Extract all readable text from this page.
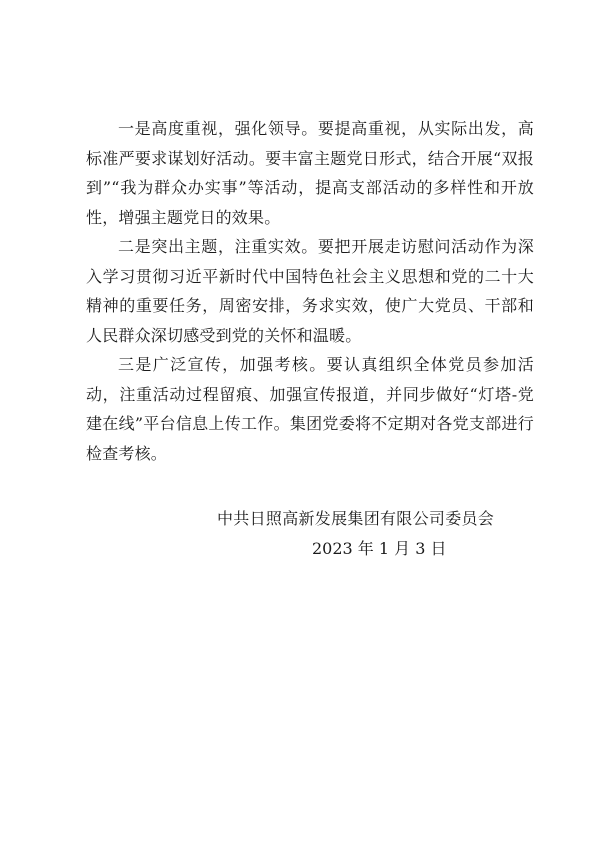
一是高度重视，强化领导。要提高重视，从实际出发，高标准严要求谋划好活动。要丰富主题党日形式，结合开展“双报到”“我为群众办实事”等活动，提高支部活动的多样性和开放性，增强主题党日的效果。

二是突出主题，注重实效。要把开展走访慰问活动作为深入学习贯彻习近平新时代中国特色社会主义思想和党的二十大精神的重要任务，周密安排，务求实效，使广大党员、干部和人民群众深切感受到党的关怀和温暖。

三是广泛宣传，加强考核。要认真组织全体党员参加活动，注重活动过程留痕、加强宣传报道，并同步做好“灯塔-党建在线”平台信息上传工作。集团党委将不定期对各党支部进行检查考核。

中共日照高新发展集团有限公司委员会
2023 年 1 月 3 日
